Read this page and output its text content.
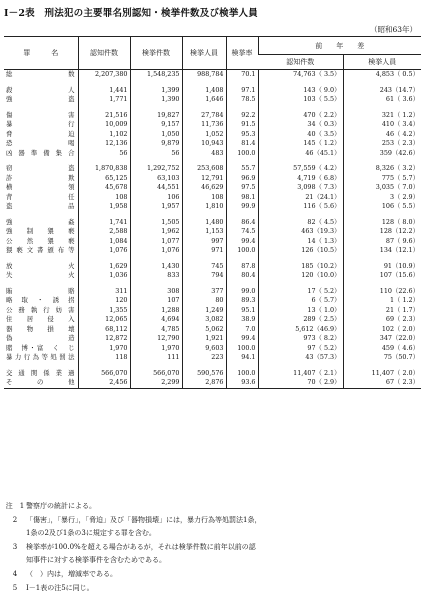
Ⅰ－2表　刑法犯の主要罪名別認知・検挙件数及び検挙人員
（昭和63年）
罪　　　名	認知件数	検挙件数	検挙人員	検挙率	前　　年　　差	
					認知件数	検挙人員
総　　　　　数	2,207,380	1,548,235	988,784	70.1	74,763（ 3.5）	4,853（ 0.5）

殺　　　　　人	1,441	1,399	1,408	97.1	143（ 9.0）	243（14.7）
強　　　　　盗	1,771	1,390	1,646	78.5	103（ 5.5）	61（ 3.6）

傷　　　　　害	21,516	19,827	27,784	92.2	470（ 2.2）	321（ 1.2）
暴　　　　　行	10,009	9,157	11,736	91.5	34（ 0.3）	410（ 3.4）
脅　　　　　迫	1,102	1,050	1,052	95.3	40（ 3.5）	46（ 4.2）
恐　　　　　喝	12,136	9,879	10,943	81.4	145（ 1.2）	253（ 2.3）
凶器準備集合	56	56	483	100.0	46（45.1）	359（42.6）

窃　　　　　盗	1,870,838	1,292,752	253,608	55.7	57,559（ 4.2）	8,326（ 3.2）
詐　　　　　欺	65,125	63,103	12,791	96.9	4,719（ 6.8）	775（ 5.7）
横　　　　　領	45,678	44,551	46,629	97.5	3,098（ 7.3）	3,035（ 7.0）
背　　　　　任	108	106	108	98.1	21（24.1）	3（ 2.9）
盗　　　　　品	1,958	1,957	1,810	99.9	116（ 5.6）	106（ 5.5）

強　姦　　　　	1,741	1,505	1,480	86.4	82（ 4.5）	128（ 8.0）
強　制　猥　褻	2,588	1,962	1,153	74.5	463（19.3）	128（12.2）
公　然　猥　褻	1,084	1,077	997	99.4	14（ 1.3）	87（ 9.6）
猥褻文書頒布等	1,076	1,076	971	100.0	126（10.5）	134（12.1）

放　　　　　火	1,629	1,430	745	87.8	185（10.2）	91（10.9）
失　　　　　火	1,036	833	794	80.4	120（10.0）	107（15.6）

賄　　　　　賂	311	308	377	99.0	17（ 5.2）	110（22.6）
略　取　・　誘　拐	120	107	80	89.3	6（ 5.7）	1（ 1.2）
公務執行妨害	1,355	1,288	1,249	95.1	13（ 1.0）	21（ 1.7）
住　居　侵　入	12,065	4,694	3,082	38.9	289（ 2.5）	69（ 2.3）
器　物　損　壊	68,112	4,785	5,062	7.0	5,612（46.9）	102（ 2.0）
偽　　　　　造	12,872	12,790	1,921	99.4	973（ 8.2）	347（22.0）
賭　博・富　く　じ	1,970	1,970	9,603	100.0	97（ 5.2）	459（ 4.6）
暴力行為等処罰法	118	111	223	94.1	43（57.3）	75（50.7）

交通関係業過	566,070	566,070	590,576	100.0	11,407（ 2.1）	11,407（ 2.0）
そ　　の　　他	2,456	2,299	2,876	93.6	70（ 2.9）	67（ 2.3）
注　1 警察庁の統計による。
2	「傷害」，「暴行」，「脅迫」及び「器物損壊」には，暴力行為等処罰法1条，
1条の2及び1条の3に規定する罪を含む。
3	検挙率が100.0%を超える場合があるが，それは検挙件数に前年以前の認
知事件に対する検挙事件を含むためである。
4	（　）内は，増減率である。
5	Ⅰ－1表の注5に同じ。
